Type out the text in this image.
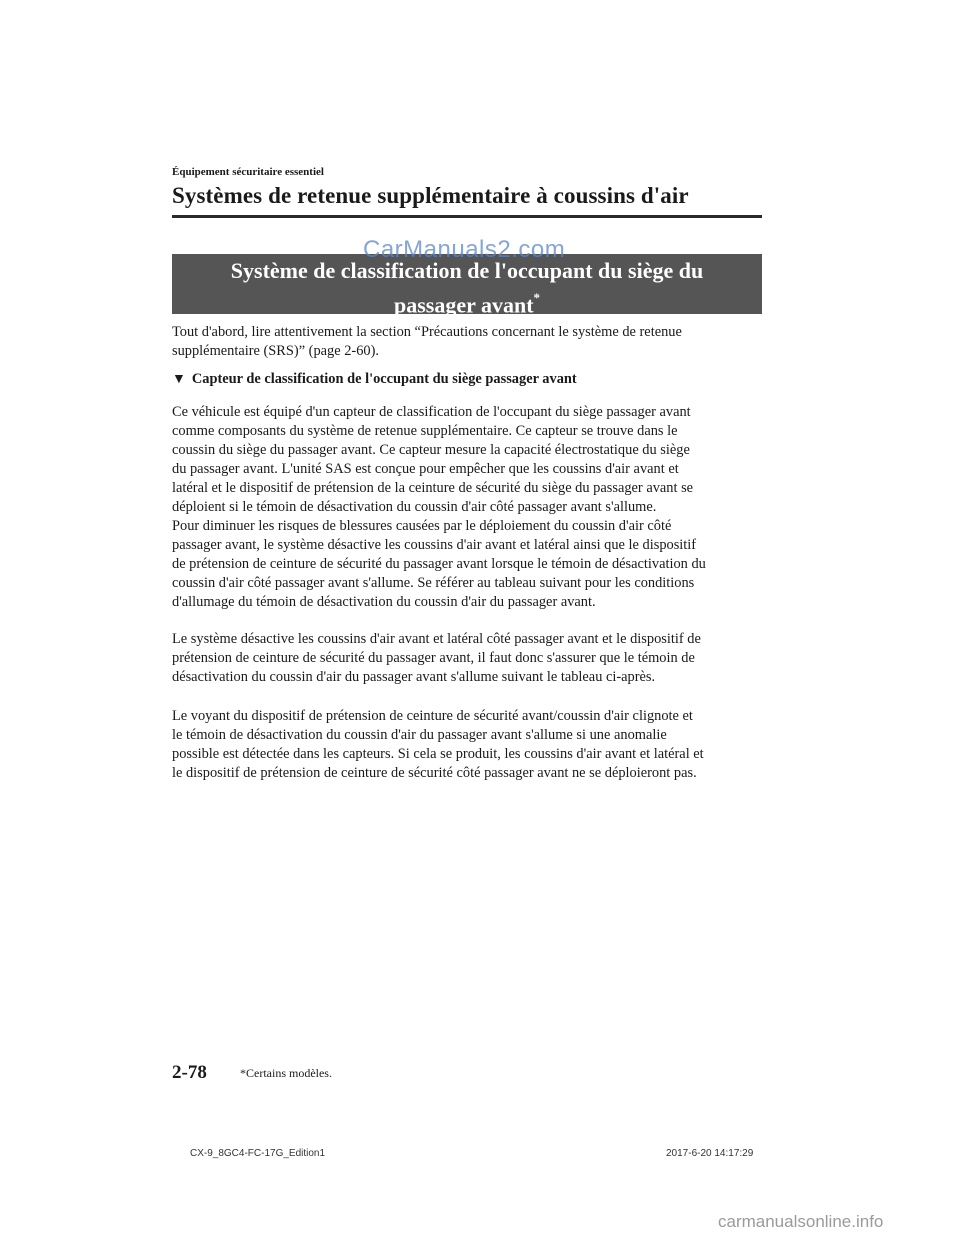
Équipement sécuritaire essentiel
Systèmes de retenue supplémentaire à coussins d'air
Système de classification de l'occupant du siège du
passager avant*
CarManuals2.com

Tout d'abord, lire attentivement la section “Précautions concernant le système de retenue

supplémentaire (SRS)” (page 2-60).

▼ Capteur de classification de l'occupant du siège passager avant

Ce véhicule est équipé d'un capteur de classification de l'occupant du siège passager avant

comme composants du système de retenue supplémentaire. Ce capteur se trouve dans le

coussin du siège du passager avant. Ce capteur mesure la capacité électrostatique du siège

du passager avant. L'unité SAS est conçue pour empêcher que les coussins d'air avant et

latéral et le dispositif de prétension de la ceinture de sécurité du siège du passager avant se

déploient si le témoin de désactivation du coussin d'air côté passager avant s'allume.

Pour diminuer les risques de blessures causées par le déploiement du coussin d'air côté

passager avant, le système désactive les coussins d'air avant et latéral ainsi que le dispositif

de prétension de ceinture de sécurité du passager avant lorsque le témoin de désactivation du

coussin d'air côté passager avant s'allume. Se référer au tableau suivant pour les conditions

d'allumage du témoin de désactivation du coussin d'air du passager avant.

Le système désactive les coussins d'air avant et latéral côté passager avant et le dispositif de

prétension de ceinture de sécurité du passager avant, il faut donc s'assurer que le témoin de

désactivation du coussin d'air du passager avant s'allume suivant le tableau ci-après.

Le voyant du dispositif de prétension de ceinture de sécurité avant/coussin d'air clignote et

le témoin de désactivation du coussin d'air du passager avant s'allume si une anomalie

possible est détectée dans les capteurs. Si cela se produit, les coussins d'air avant et latéral et

le dispositif de prétension de ceinture de sécurité côté passager avant ne se déploieront pas.

2-78	*Certains modèles.
CX-9_8GC4-FC-17G_Edition1	2017-6-20 14:17:29
carmanualsonline.info
